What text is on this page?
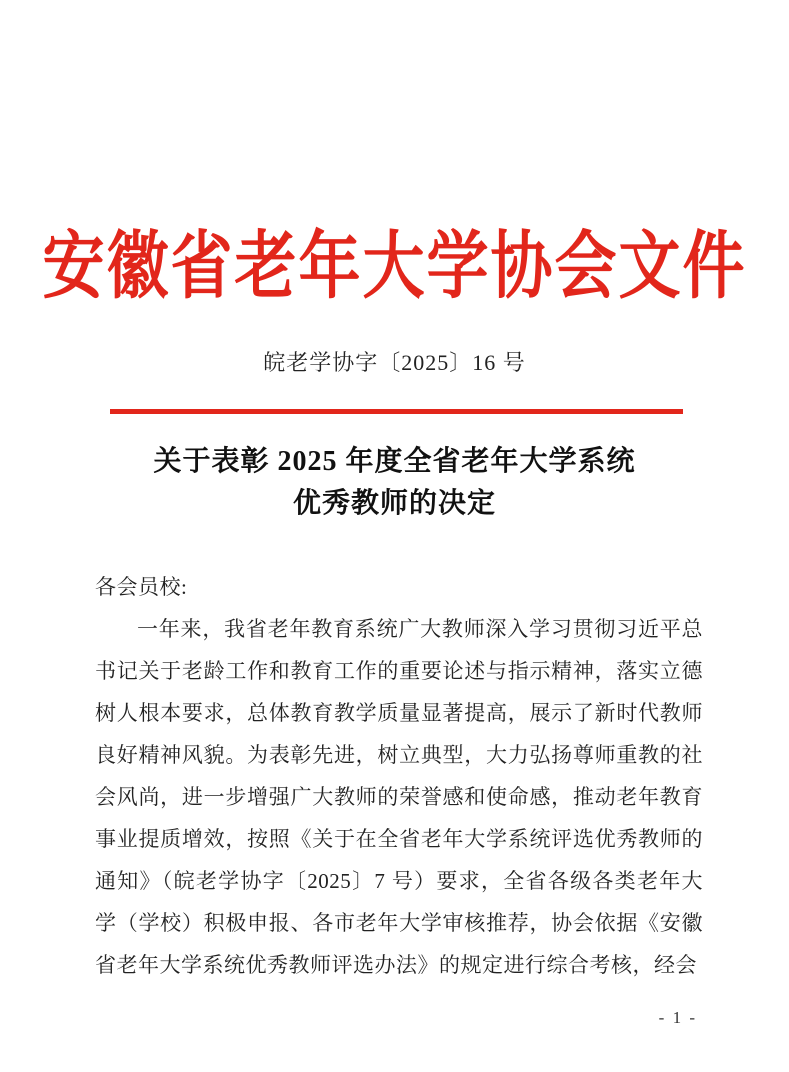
安徽省老年大学协会文件
皖老学协字〔2025〕16 号
关于表彰 2025 年度全省老年大学系统
优秀教师的决定
各会员校:

一年来，我省老年教育系统广大教师深入学习贯彻习近平总书记关于老龄工作和教育工作的重要论述与指示精神，落实立德树人根本要求，总体教育教学质量显著提高，展示了新时代教师良好精神风貌。为表彰先进，树立典型，大力弘扬尊师重教的社会风尚，进一步增强广大教师的荣誉感和使命感，推动老年教育事业提质增效，按照《关于在全省老年大学系统评选优秀教师的通知》（皖老学协字〔2025〕7 号）要求，全省各级各类老年大学（学校）积极申报、各市老年大学审核推荐，协会依据《安徽省老年大学系统优秀教师评选办法》的规定进行综合考核，经会

- 1 -
